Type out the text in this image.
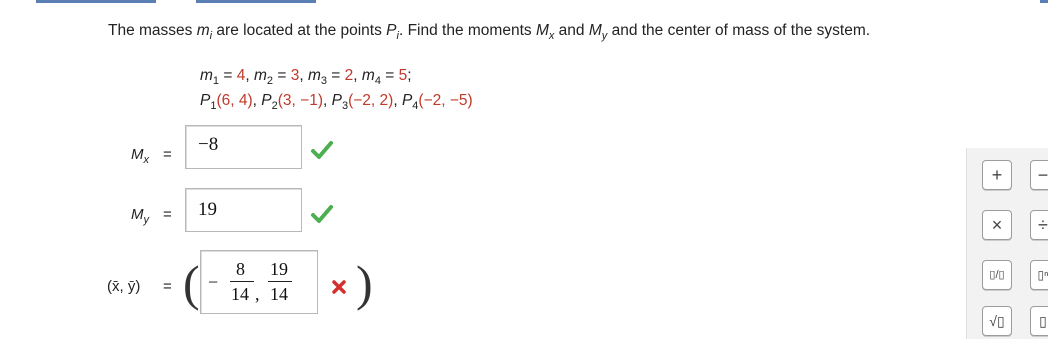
The masses $m_i$ are located at the points $P_i$. Find the moments $M_x$ and $M_y$ and the center of mass of the system.
$m_1 = 4$, $m_2 = 3$, $m_3 = 2$, $m_4 = 5$;
$P_1(6$, 4), $P_2(3$, −1), $P_3(-2$, 2), $P_4(-2$, −5)
$M_x = -8$
$M_y = 19$
(x̄, ȳ) = ( −
8
14 ,
19
14 )
+	−
×	÷
▯/▯	▯ⁿ
√▯	▯
